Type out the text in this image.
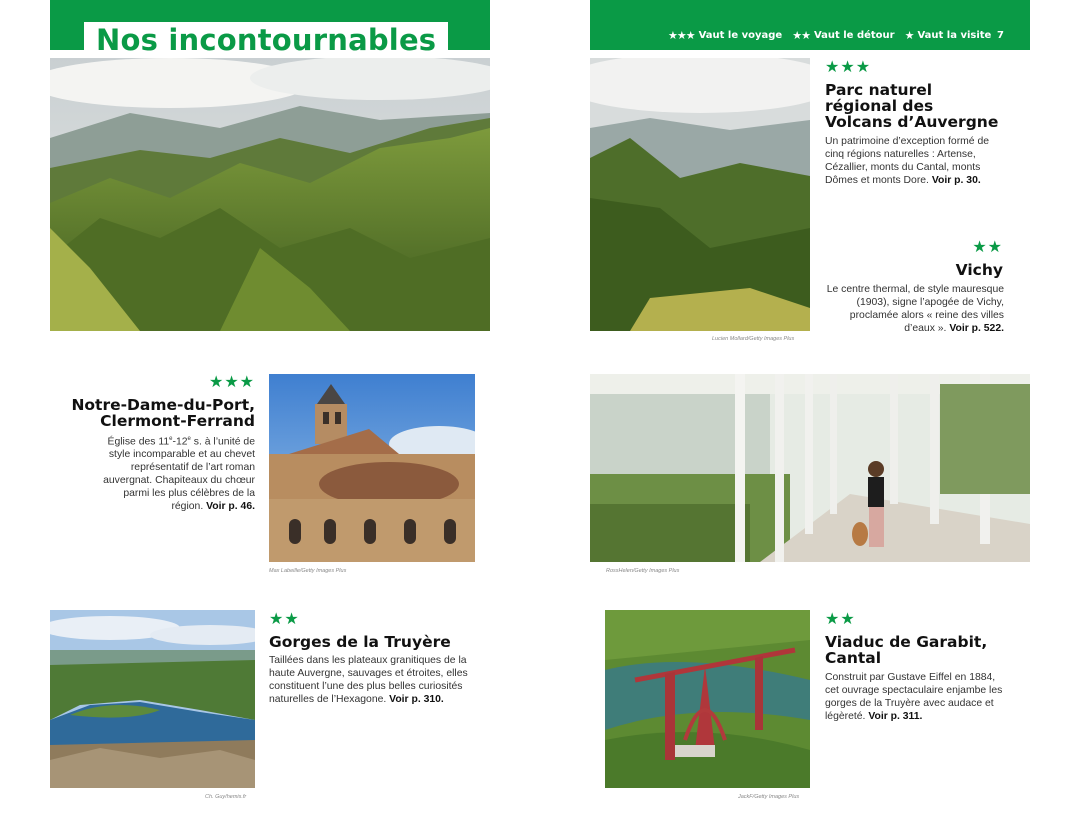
Nos incontournables	★★★ Vaut le voyage ★★ Vaut le détour ★ Vaut la visite 7
Lucien Mollard/Getty Images Plus
★★★
Parc naturel régional des Volcans d’Auvergne
Un patrimoine d’exception formé de cinq régions naturelles : Artense, Cézallier, monts du Cantal, monts Dômes et monts Dore. Voir p. 30.
★★
Vichy
Le centre thermal, de style mauresque (1903), signe l’apogée de Vichy, proclamée alors « reine des villes d’eaux ». Voir p. 522.
★★★
Notre-Dame-du-Port, Clermont-Ferrand
Église des 11e-12e s. à l’unité de style incomparable et au chevet représentatif de l’art roman auvergnat. Chapiteaux du chœur parmi les plus célèbres de la région. Voir p. 46.
Max Labeille/Getty Images Plus	RossHelen/Getty Images Plus
Ch. Guy/hemis.fr
★★
Gorges de la Truyère
Taillées dans les plateaux granitiques de la haute Auvergne, sauvages et étroites, elles constituent l’une des plus belles curiosités naturelles de l’Hexagone. Voir p. 310.
JackF/Getty Images Plus
★★
Viaduc de Garabit, Cantal
Construit par Gustave Eiffel en 1884, cet ouvrage spectaculaire enjambe les gorges de la Truyère avec audace et légèreté. Voir p. 311.
